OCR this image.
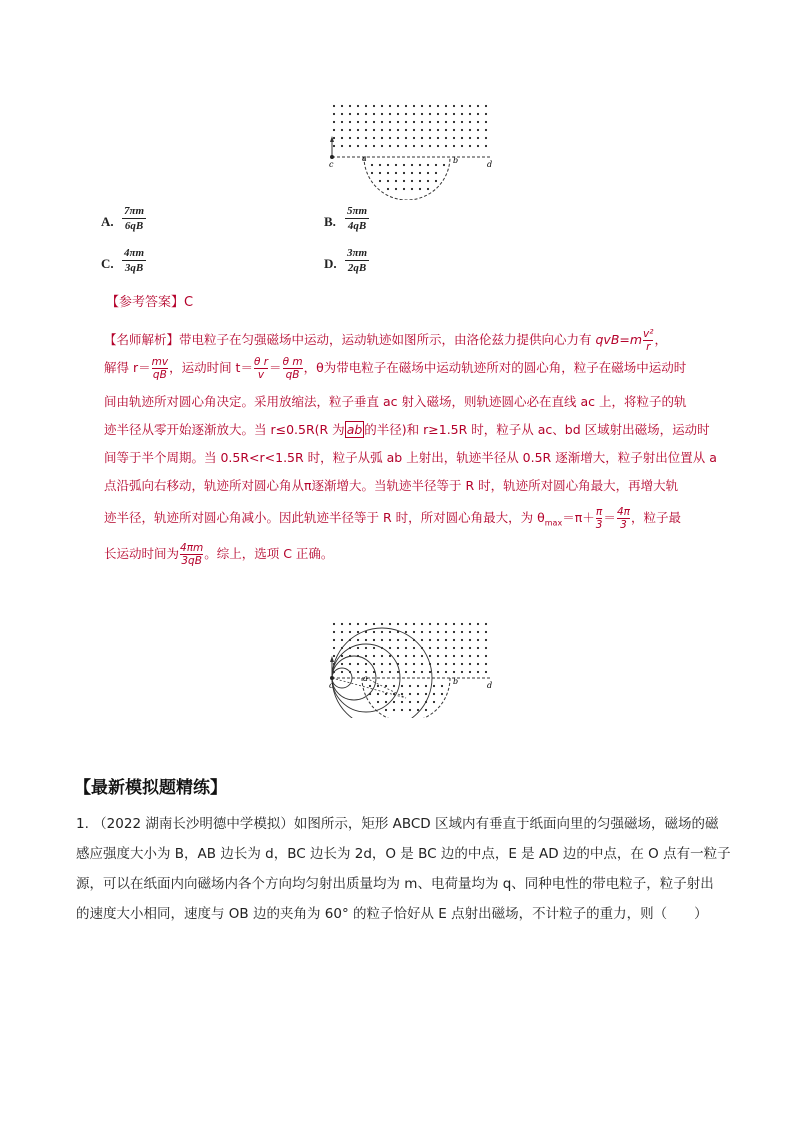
c
a	b	d
A.
7πm
6qB	B.
5πm
4qB
C.
4πm
3qB	D.
3πm
2qB
【参考答案】C
【名师解析】带电粒子在匀强磁场中运动，运动轨迹如图所示，由洛伦兹力提供向心力有 $qvB=m \frac{\text{v²}}{r}$ ，
解得 $r= \frac{mv}{qB}$ ，运动时间 $t= \frac{\text{θ r}}{v} = \frac{\text{θ m}}{qB}$ ，θ为带电粒子在磁场中运动轨迹所对的圆心角，粒子在磁场中运动时
间由轨迹所对圆心角决定。采用放缩法，粒子垂直 ac 射入磁场，则轨迹圆心必在直线 ac 上，将粒子的轨
迹半径从零开始逐渐放大。当 r≤0.5R(R 为 ab 的半径)和 r≥1.5R 时，粒子从 ac、bd 区域射出磁场，运动时
间等于半个周期。当 0.5R<r<1.5R 时，粒子从弧 ab 上射出，轨迹半径从 0.5R 逐渐增大，粒子射出位置从 a
点沿弧向右移动，轨迹所对圆心角从π逐渐增大。当轨迹半径等于 R 时，轨迹所对圆心角最大，再增大轨
迹半径，轨迹所对圆心角减小。因此轨迹半径等于 R 时，所对圆心角最大，为 $\theta_{max}=\pi+ \frac{\pi}{3} = \frac{4\pi}{3}$ ，粒子最
长运动时间为 $\frac{4\pi m}{3qB}$ 。综上，选项 C 正确。
c
a	b	d
【最新模拟题精练】
1. （2022 湖南长沙明德中学模拟）如图所示，矩形 ABCD 区域内有垂直于纸面向里的匀强磁场，磁场的磁
感应强度大小为 B，AB 边长为 d，BC 边长为 2d，O 是 BC 边的中点，E 是 AD 边的中点，在 O 点有一粒子
源，可以在纸面内向磁场内各个方向均匀射出质量均为 m、电荷量均为 q、同种电性的带电粒子，粒子射出
的速度大小相同，速度与 OB 边的夹角为 60° 的粒子恰好从 E 点射出磁场，不计粒子的重力，则（　　）
